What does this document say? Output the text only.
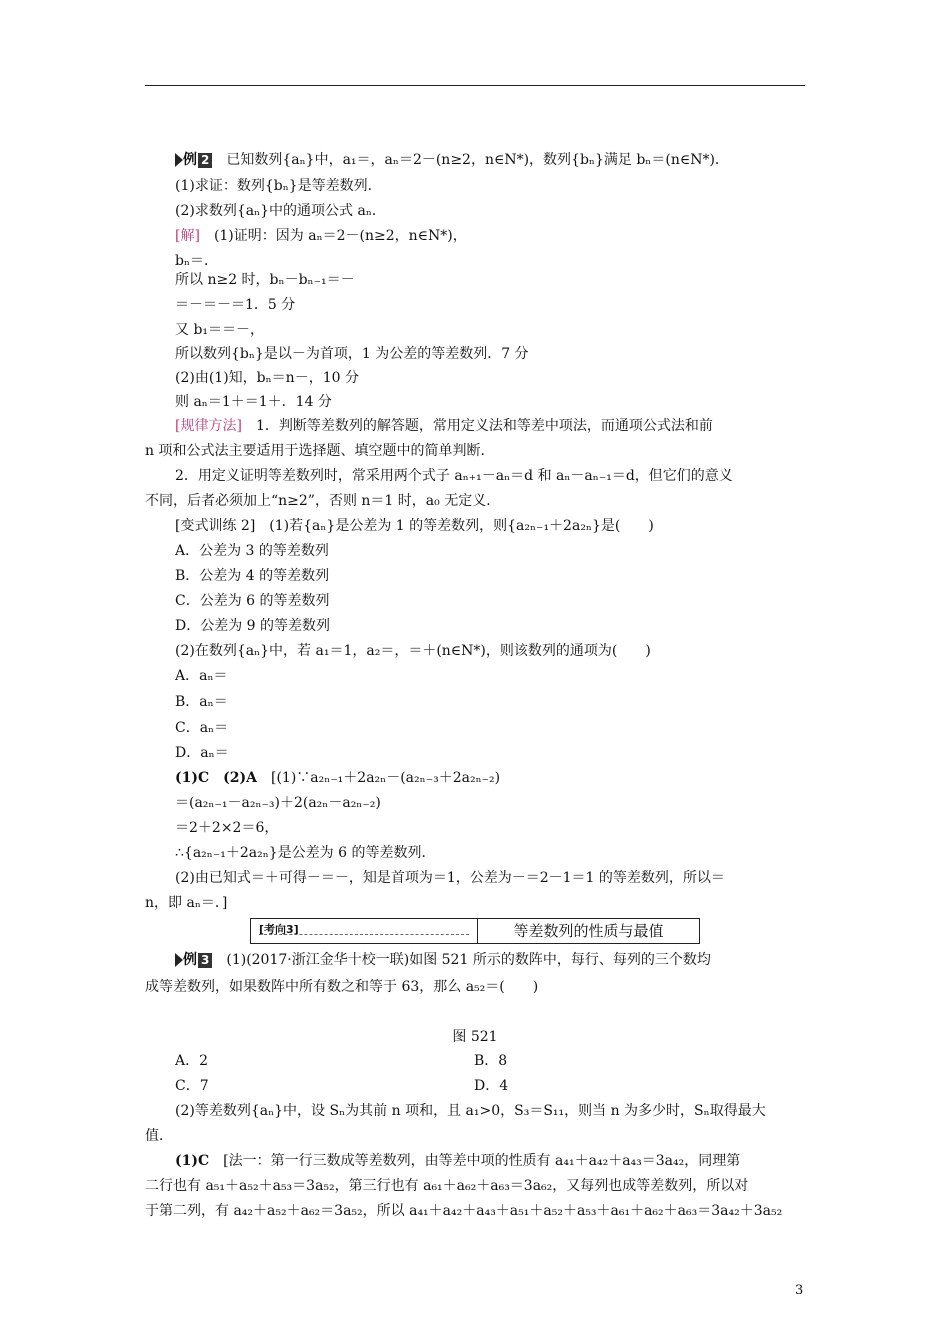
例 2 已知数列{aₙ}中，a₁＝，aₙ＝2－(n≥2，n∈N*)，数列{bₙ}满足 bₙ＝(n∈N*)．
(1)求证：数列{bₙ}是等差数列．
(2)求数列{aₙ}中的通项公式 aₙ．
[解]　 (1)证明：因为 aₙ＝2－(n≥2，n∈N*)，
bₙ＝．
所以 n≥2 时，bₙ－bₙ₋₁＝－
＝－＝－＝1．5 分
又 b₁＝＝－，
所以数列{bₙ}是以－为首项，1 为公差的等差数列．7 分
(2)由(1)知，bₙ＝n－，10 分
则 aₙ＝1＋＝1＋．14 分
[规律方法]　 1．判断等差数列的解答题，常用定义法和等差中项法，而通项公式法和前
n 项和公式法主要适用于选择题、填空题中的简单判断．
2．用定义证明等差数列时，常采用两个式子 aₙ₊₁－aₙ＝d 和 aₙ－aₙ₋₁＝d，但它们的意义
不同，后者必须加上“n≥2”，否则 n＝1 时，a₀ 无定义．
[变式训练 2]　(1)若{aₙ}是公差为 1 的等差数列，则{a₂ₙ₋₁＋2a₂ₙ}是(　　)
A．公差为 3 的等差数列
B．公差为 4 的等差数列
C．公差为 6 的等差数列
D．公差为 9 的等差数列
(2)在数列{aₙ}中，若 a₁＝1，a₂＝，＝＋(n∈N*)，则该数列的通项为(　　)
A．aₙ＝
B．aₙ＝
C．aₙ＝
D．aₙ＝
(1)C　(2)A　 [(1)∵a₂ₙ₋₁＋2a₂ₙ－(a₂ₙ₋₃＋2a₂ₙ₋₂)
＝(a₂ₙ₋₁－a₂ₙ₋₃)＋2(a₂ₙ－a₂ₙ₋₂)
＝2＋2×2＝6，
∴{a₂ₙ₋₁＋2a₂ₙ}是公差为 6 的等差数列．
(2)由已知式＝＋可得－＝－，知是首项为＝1，公差为－＝2－1＝1 的等差数列，所以＝
n，即 aₙ＝．]
[考向3]	等差数列的性质与最值
例 3 (1)(2017·浙江金华十校一联)如图 521 所示的数阵中，每行、每列的三个数均
成等差数列，如果数阵中所有数之和等于 63，那么 a₅₂＝(　　)
图 521
A．2	B．8
C．7	D．4
(2)等差数列{aₙ}中，设 Sₙ为其前 n 项和，且 a₁>0，S₃＝S₁₁，则当 n 为多少时，Sₙ取得最大
值．
(1)C　 [法一：第一行三数成等差数列，由等差中项的性质有 a₄₁＋a₄₂＋a₄₃＝3a₄₂，同理第
二行也有 a₅₁＋a₅₂＋a₅₃＝3a₅₂，第三行也有 a₆₁＋a₆₂＋a₆₃＝3a₆₂，又每列也成等差数列，所以对
于第二列，有 a₄₂＋a₅₂＋a₆₂＝3a₅₂，所以 a₄₁＋a₄₂＋a₄₃＋a₅₁＋a₅₂＋a₅₃＋a₆₁＋a₆₂＋a₆₃＝3a₄₂＋3a₅₂
3
